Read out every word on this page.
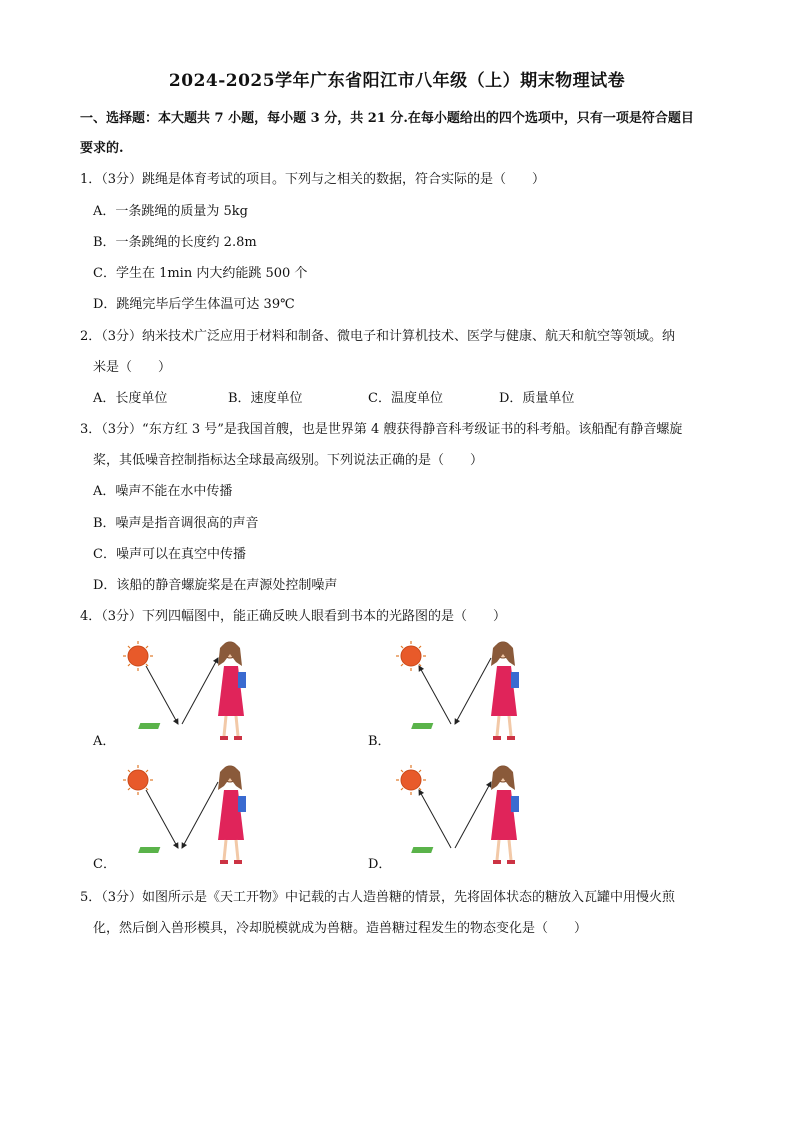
2024-2025学年广东省阳江市八年级（上）期末物理试卷
一、选择题：本大题共 7 小题，每小题 3 分，共 21 分.在每小题给出的四个选项中，只有一项是符合题目
要求的.
1．（3分）跳绳是体育考试的项目。下列与之相关的数据，符合实际的是（　　）
A．一条跳绳的质量为 5kg
B．一条跳绳的长度约 2.8m
C．学生在 1min 内大约能跳 500 个
D．跳绳完毕后学生体温可达 39℃
2．（3分）纳米技术广泛应用于材料和制备、微电子和计算机技术、医学与健康、航天和航空等领域。纳
米是（　　）
A．长度单位	B．速度单位	C．温度单位	D．质量单位
3．（3分）“东方红 3 号”是我国首艘，也是世界第 4 艘获得静音科考级证书的科考船。该船配有静音螺旋
桨，其低噪音控制指标达全球最高级别。下列说法正确的是（　　）
A．噪声不能在水中传播
B．噪声是指音调很高的声音
C．噪声可以在真空中传播
D．该船的静音螺旋桨是在声源处控制噪声
4．（3分）下列四幅图中，能正确反映人眼看到书本的光路图的是（　　）
A．	B．
C．	D．
5．（3分）如图所示是《天工开物》中记载的古人造兽糖的情景，先将固体状态的糖放入瓦罐中用慢火煎
化，然后倒入兽形模具，冷却脱模就成为兽糖。造兽糖过程发生的物态变化是（　　）
